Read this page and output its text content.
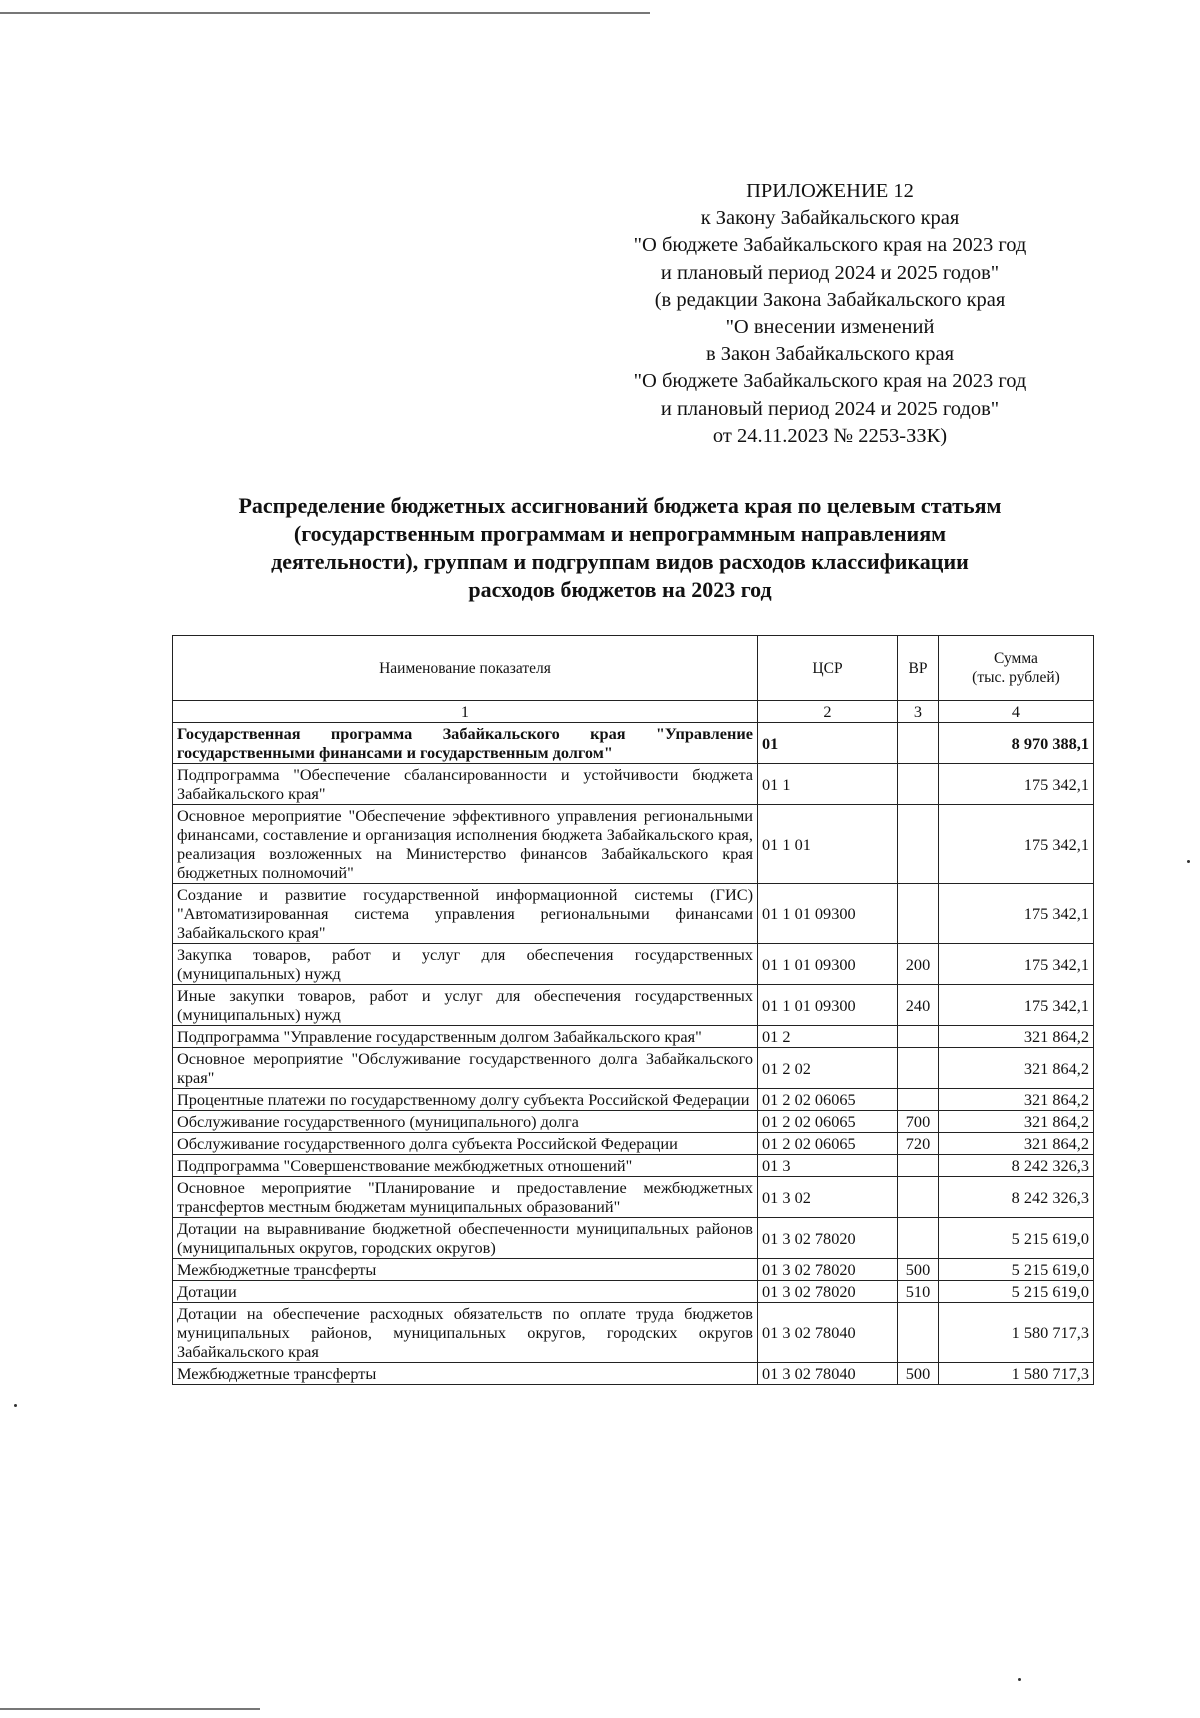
ПРИЛОЖЕНИЕ 12
к Закону Забайкальского края
"О бюджете Забайкальского края на 2023 год
и плановый период 2024 и 2025 годов"
(в редакции Закона Забайкальского края
"О внесении изменений
в Закон Забайкальского края
"О бюджете Забайкальского края на 2023 год
и плановый период 2024 и 2025 годов"
от 24.11.2023 № 2253-ЗЗК)
Распределение бюджетных ассигнований бюджета края по целевым статьям
(государственным программам и непрограммным направлениям
деятельности), группам и подгруппам видов расходов классификации
расходов бюджетов на 2023 год
Наименование показателя	ЦСР	ВР	Сумма
(тыс. рублей)
1	2	3	4
Государственная программа Забайкальского края "Управление государственными финансами и государственным долгом"	01		8 970 388,1
Подпрограмма "Обеспечение сбалансированности и устойчивости бюджета Забайкальского края"	01 1		175 342,1
Основное мероприятие "Обеспечение эффективного управления региональными финансами, составление и организация исполнения бюджета Забайкальского края, реализация возложенных на Министерство финансов Забайкальского края бюджетных полномочий"	01 1 01		175 342,1
Создание и развитие государственной информационной системы (ГИС) "Автоматизированная система управления региональными финансами Забайкальского края"	01 1 01 09300		175 342,1
Закупка товаров, работ и услуг для обеспечения государственных (муниципальных) нужд	01 1 01 09300	200	175 342,1
Иные закупки товаров, работ и услуг для обеспечения государственных (муниципальных) нужд	01 1 01 09300	240	175 342,1
Подпрограмма "Управление государственным долгом Забайкальского края"	01 2		321 864,2
Основное мероприятие "Обслуживание государственного долга Забайкальского края"	01 2 02		321 864,2
Процентные платежи по государственному долгу субъекта Российской Федерации	01 2 02 06065		321 864,2
Обслуживание государственного (муниципального) долга	01 2 02 06065	700	321 864,2
Обслуживание государственного долга субъекта Российской Федерации	01 2 02 06065	720	321 864,2
Подпрограмма "Совершенствование межбюджетных отношений"	01 3		8 242 326,3
Основное мероприятие "Планирование и предоставление межбюджетных трансфертов местным бюджетам муниципальных образований"	01 3 02		8 242 326,3
Дотации на выравнивание бюджетной обеспеченности муниципальных районов (муниципальных округов, городских округов)	01 3 02 78020		5 215 619,0
Межбюджетные трансферты	01 3 02 78020	500	5 215 619,0
Дотации	01 3 02 78020	510	5 215 619,0
Дотации на обеспечение расходных обязательств по оплате труда бюджетов муниципальных районов, муниципальных округов, городских округов Забайкальского края	01 3 02 78040		1 580 717,3
Межбюджетные трансферты	01 3 02 78040	500	1 580 717,3
